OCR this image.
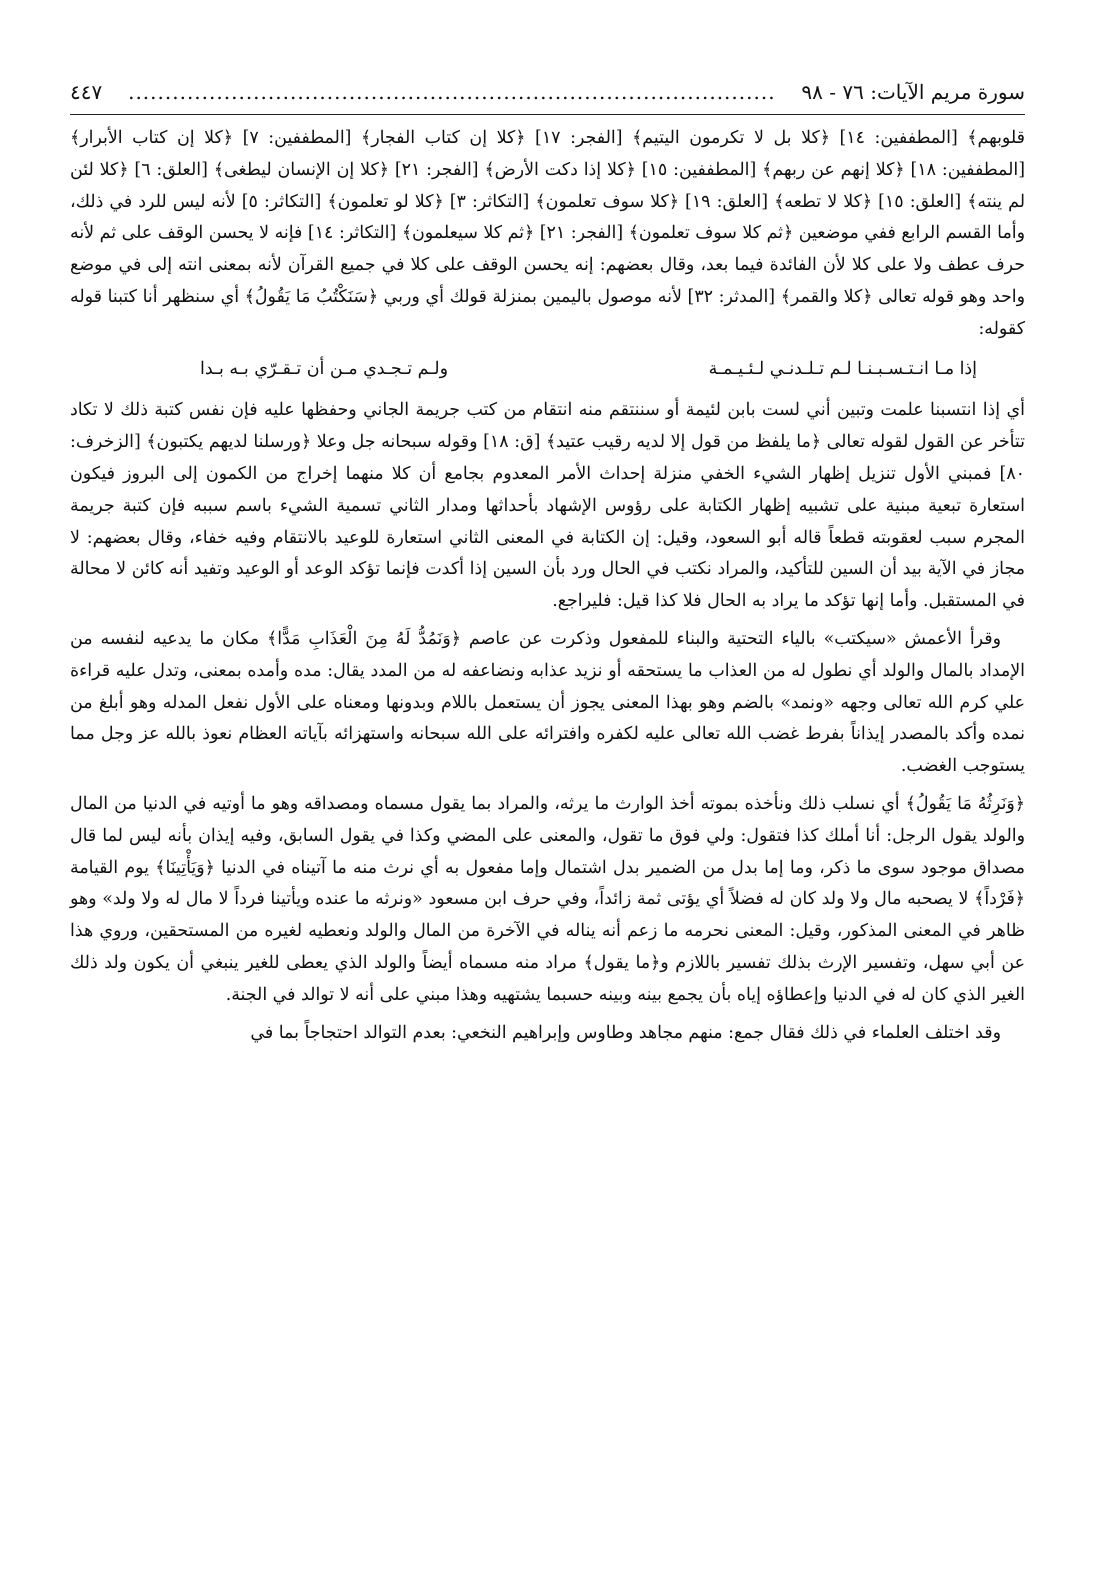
سورة مريم الآيات: ٧٦ - ٩٨
........................................................................................
٤٤٧

قلوبهم﴾ [المطففين: ١٤] ﴿كلا بل لا تكرمون اليتيم﴾ [الفجر: ١٧] ﴿كلا إن كتاب الفجار﴾ [المطففين: ٧] ﴿كلا إن كتاب الأبرار﴾ [المطففين: ١٨] ﴿كلا إنهم عن ربهم﴾ [المطففين: ١٥] ﴿كلا إذا دكت الأرض﴾ [الفجر: ٢١] ﴿كلا إن الإنسان ليطغى﴾ [العلق: ٦] ﴿كلا لئن لم ينته﴾ [العلق: ١٥] ﴿كلا لا تطعه﴾ [العلق: ١٩] ﴿كلا سوف تعلمون﴾ [التكاثر: ٣] ﴿كلا لو تعلمون﴾ [التكاثر: ٥] لأنه ليس للرد في ذلك، وأما القسم الرابع ففي موضعين ﴿ثم كلا سوف تعلمون﴾ [الفجر: ٢١] ﴿ثم كلا سيعلمون﴾ [التكاثر: ١٤] فإنه لا يحسن الوقف على ثم لأنه حرف عطف ولا على كلا لأن الفائدة فيما بعد، وقال بعضهم: إنه يحسن الوقف على كلا في جميع القرآن لأنه بمعنى انته إلى في موضع واحد وهو قوله تعالى ﴿كلا والقمر﴾ [المدثر: ٣٢] لأنه موصول باليمين بمنزلة قولك أي وربي ﴿سَنَكْتُبُ مَا يَقُولُ﴾ أي سنظهر أنا كتبنا قوله كقوله:

إذا مـا انـتـسـبـنـا لـم تـلـدنـي لـئـيـمـة
ولـم تـجـدي مـن أن تـقـرّي بـه بـدا

أي إذا انتسبنا علمت وتبين أني لست بابن لئيمة أو سننتقم منه انتقام من كتب جريمة الجاني وحفظها عليه فإن نفس كتبة ذلك لا تكاد تتأخر عن القول لقوله تعالى ﴿ما يلفظ من قول إلا لديه رقيب عتيد﴾ [ق: ١٨] وقوله سبحانه جل وعلا ﴿ورسلنا لديهم يكتبون﴾ [الزخرف: ٨٠] فمبني الأول تنزيل إظهار الشيء الخفي منزلة إحداث الأمر المعدوم بجامع أن كلا منهما إخراج من الكمون إلى البروز فيكون استعارة تبعية مبنية على تشبيه إظهار الكتابة على رؤوس الإشهاد بأحداثها ومدار الثاني تسمية الشيء باسم سببه فإن كتبة جريمة المجرم سبب لعقوبته قطعاً قاله أبو السعود، وقيل: إن الكتابة في المعنى الثاني استعارة للوعيد بالانتقام وفيه خفاء، وقال بعضهم: لا مجاز في الآية بيد أن السين للتأكيد، والمراد نكتب في الحال ورد بأن السين إذا أكدت فإنما تؤكد الوعد أو الوعيد وتفيد أنه كائن لا محالة في المستقبل. وأما إنها تؤكد ما يراد به الحال فلا كذا قيل: فليراجع.

وقرأ الأعمش «سيكتب» بالياء التحتية والبناء للمفعول وذكرت عن عاصم ﴿وَنَمُدُّ لَهُ مِنَ الْعَذَابِ مَدًّا﴾ مكان ما يدعيه لنفسه من الإمداد بالمال والولد أي نطول له من العذاب ما يستحقه أو نزيد عذابه ونضاعفه له من المدد يقال: مده وأمده بمعنى، وتدل عليه قراءة علي كرم الله تعالى وجهه «ونمد» بالضم وهو بهذا المعنى يجوز أن يستعمل باللام وبدونها ومعناه على الأول نفعل المدله وهو أبلغ من نمده وأكد بالمصدر إيذاناً بفرط غضب الله تعالى عليه لكفره وافترائه على الله سبحانه واستهزائه بآياته العظام نعوذ بالله عز وجل مما يستوجب الغضب.

﴿وَنَرِثُهُ مَا يَقُولُ﴾ أي نسلب ذلك ونأخذه بموته أخذ الوارث ما يرثه، والمراد بما يقول مسماه ومصداقه وهو ما أوتيه في الدنيا من المال والولد يقول الرجل: أنا أملك كذا فتقول: ولي فوق ما تقول، والمعنى على المضي وكذا في يقول السابق، وفيه إيذان بأنه ليس لما قال مصداق موجود سوى ما ذكر، وما إما بدل من الضمير بدل اشتمال وإما مفعول به أي نرث منه ما آتيناه في الدنيا ﴿وَيَأْتِينَا﴾ يوم القيامة ﴿فَرْداً﴾ لا يصحبه مال ولا ولد كان له فضلاً أي يؤتى ثمة زائداً، وفي حرف ابن مسعود «ونرثه ما عنده ويأتينا فرداً لا مال له ولا ولد» وهو ظاهر في المعنى المذكور، وقيل: المعنى نحرمه ما زعم أنه يناله في الآخرة من المال والولد ونعطيه لغيره من المستحقين، وروي هذا عن أبي سهل، وتفسير الإرث بذلك تفسير باللازم و﴿ما يقول﴾ مراد منه مسماه أيضاً والولد الذي يعطى للغير ينبغي أن يكون ولد ذلك الغير الذي كان له في الدنيا وإعطاؤه إياه بأن يجمع بينه وبينه حسبما يشتهيه وهذا مبني على أنه لا توالد في الجنة.

وقد اختلف العلماء في ذلك فقال جمع: منهم مجاهد وطاوس وإبراهيم النخعي: بعدم التوالد احتجاجاً بما في
